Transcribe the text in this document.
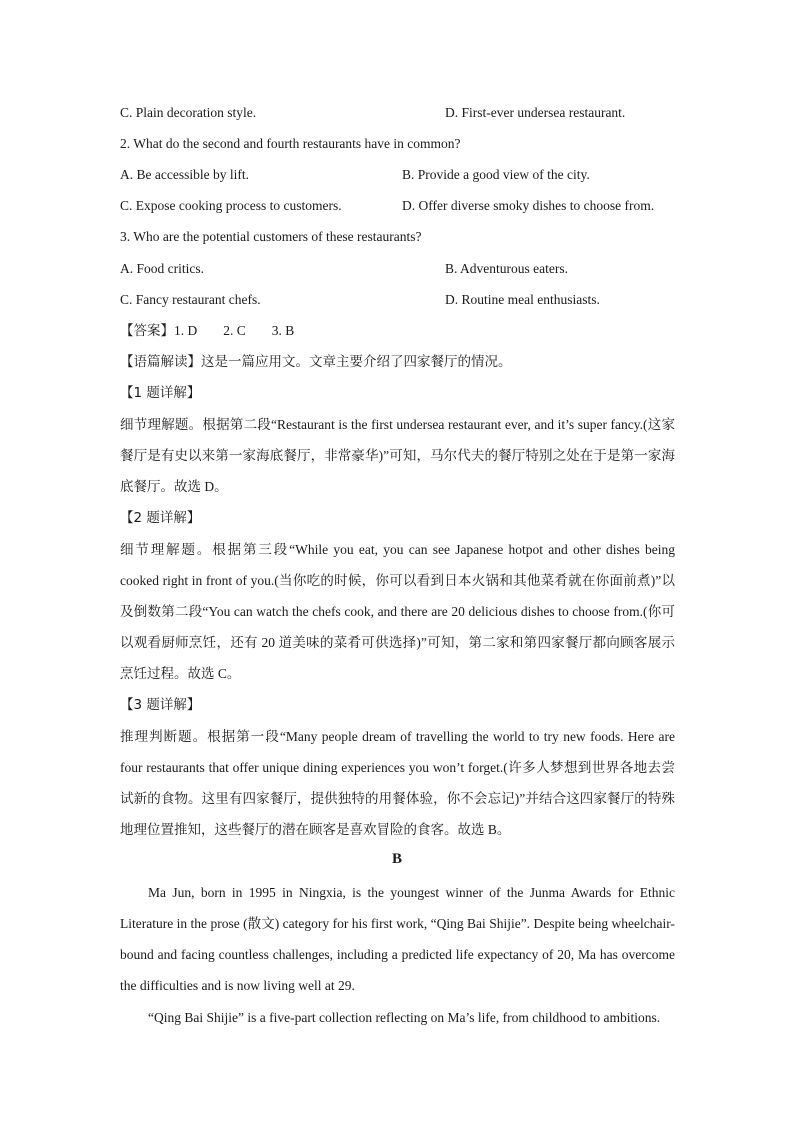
C. Plain decoration style.	D. First-ever undersea restaurant.
2. What do the second and fourth restaurants have in common?
A. Be accessible by lift.	B. Provide a good view of the city.
C. Expose cooking process to customers.	D. Offer diverse smoky dishes to choose from.
3. Who are the potential customers of these restaurants?
A. Food critics.	B. Adventurous eaters.
C. Fancy restaurant chefs.	D. Routine meal enthusiasts.
【答案】1. D 2. C 3. B
【语篇解读】这是一篇应用文。文章主要介绍了四家餐厅的情况。
【1 题详解】

细节理解题。根据第二段“Restaurant is the first undersea restaurant ever, and it’s super fancy.(这家餐厅是有史以来第一家海底餐厅，非常豪华)”可知，马尔代夫的餐厅特别之处在于是第一家海底餐厅。故选 D。

【2 题详解】

细节理解题。根据第三段“While you eat, you can see Japanese hotpot and other dishes being cooked right in front of you.(当你吃的时候，你可以看到日本火锅和其他菜肴就在你面前煮)”以及倒数第二段“You can watch the chefs cook, and there are 20 delicious dishes to choose from.(你可以观看厨师烹饪，还有 20 道美味的菜肴可供选择)”可知，第二家和第四家餐厅都向顾客展示烹饪过程。故选 C。

【3 题详解】

推理判断题。根据第一段“Many people dream of travelling the world to try new foods. Here are four restaurants that offer unique dining experiences you won’t forget.(许多人梦想到世界各地去尝试新的食物。这里有四家餐厅，提供独特的用餐体验，你不会忘记)”并结合这四家餐厅的特殊地理位置推知，这些餐厅的潜在顾客是喜欢冒险的食客。故选 B。

B

Ma Jun, born in 1995 in Ningxia, is the youngest winner of the Junma Awards for Ethnic Literature in the prose (散文) category for his first work, “Qing Bai Shijie”. Despite being wheelchair-bound and facing countless challenges, including a predicted life expectancy of 20, Ma has overcome the difficulties and is now living well at 29.

“Qing Bai Shijie” is a five-part collection reflecting on Ma’s life, from childhood to ambitions.
